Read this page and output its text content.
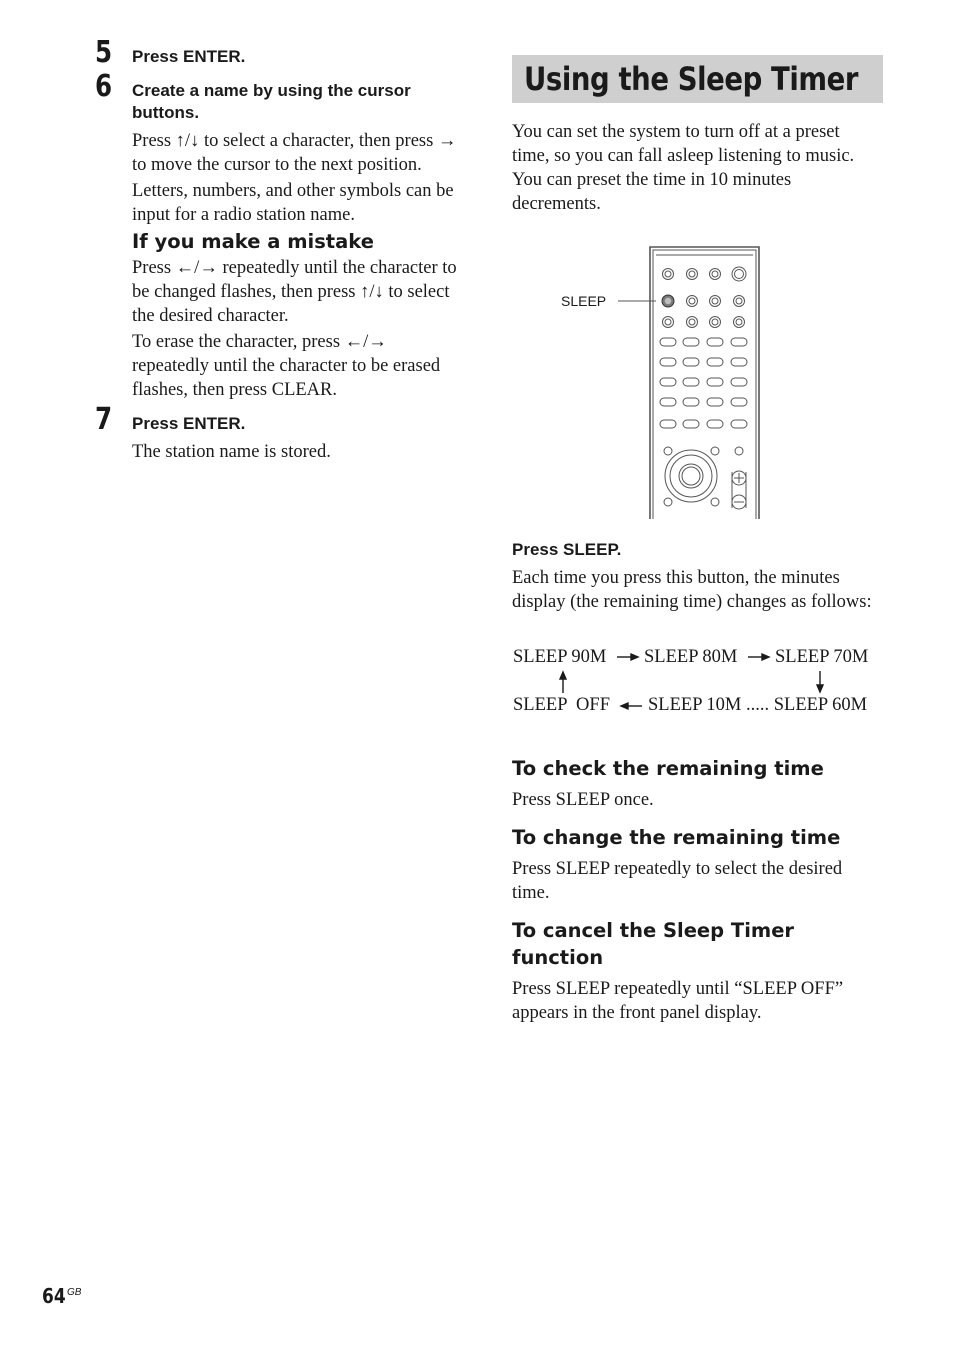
5 Press ENTER.
6 Create a name by using the cursor
buttons.
Press ↑/↓ to select a character, then press →
to move the cursor to the next position.
Letters, numbers, and other symbols can be
input for a radio station name.
If you make a mistake
Press ←/→ repeatedly until the character to
be changed flashes, then press ↑/↓ to select
the desired character.
To erase the character, press ←/→
repeatedly until the character to be erased
flashes, then press CLEAR.
7 Press ENTER.
The station name is stored.
Using the Sleep Timer
You can set the system to turn off at a preset
time, so you can fall asleep listening to music.
You can preset the time in 10 minutes
decrements.
SLEEP
Press SLEEP.
Each time you press this button, the minutes
display (the remaining time) changes as follows:
SLEEP 90M SLEEP 80M SLEEP 70M
SLEEP  OFF SLEEP 10M ..... SLEEP 60M
To check the remaining time
Press SLEEP once.
To change the remaining time
Press SLEEP repeatedly to select the desired
time.
To cancel the Sleep Timer
function
Press SLEEP repeatedly until “SLEEP OFF”
appears in the front panel display.
64 GB
